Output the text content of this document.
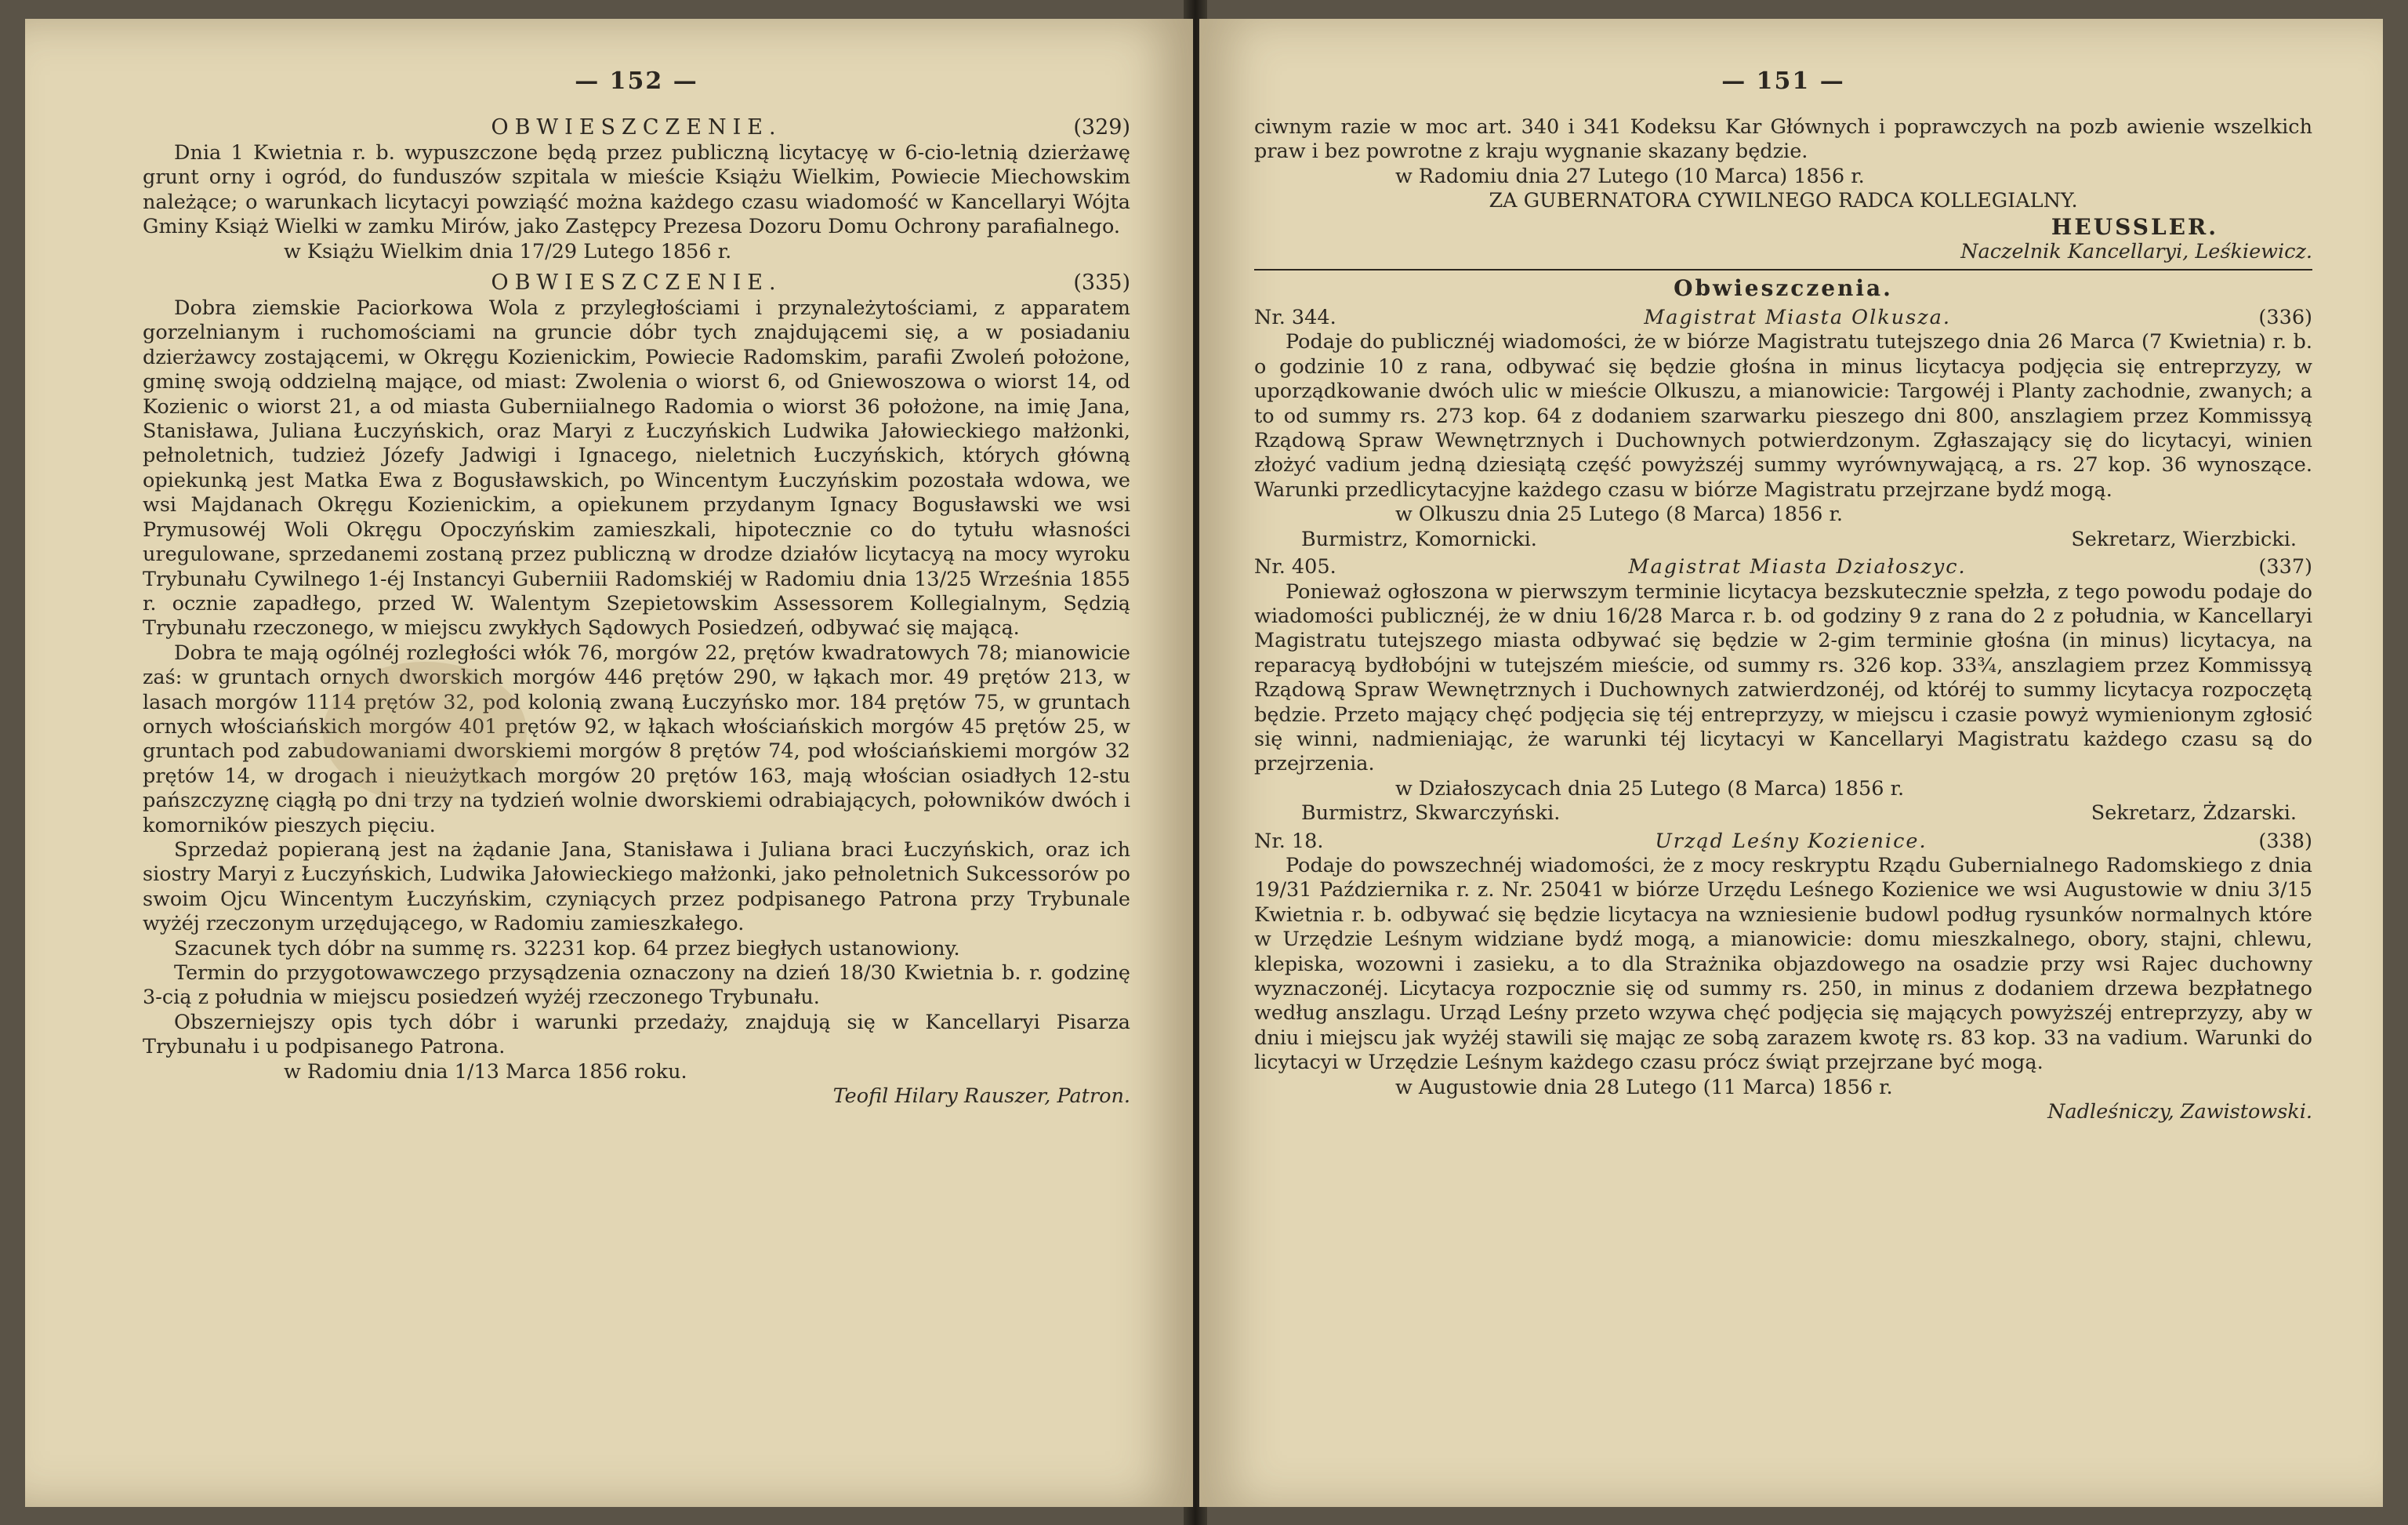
— 152 —
OBWIESZCZENIE.	(329)

Dnia 1 Kwietnia r. b. wypuszczone będą przez publiczną licytacyę w 6-cio-letnią dzierżawę grunt orny i ogród, do funduszów szpitala w mieście Książu Wielkim, Powiecie Miechowskim należące; o warunkach licytacyi powziąść można każdego czasu wiadomość w Kancellaryi Wójta Gminy Książ Wielki w zamku Mirów, jako Zastępcy Prezesa Dozoru Domu Ochrony parafialnego.

w Książu Wielkim dnia 17/29 Lutego 1856 r.
OBWIESZCZENIE.	(335)

Dobra ziemskie Paciorkowa Wola z przyległościami i przynależytościami, z apparatem gorzelnianym i ruchomościami na gruncie dóbr tych znajdującemi się, a w posiadaniu dzierżawcy zostającemi, w Okręgu Kozienickim, Powiecie Radomskim, parafii Zwoleń położone, gminę swoją oddzielną mające, od miast: Zwolenia o wiorst 6, od Gniewoszowa o wiorst 14, od Kozienic o wiorst 21, a od miasta Guberniialnego Radomia o wiorst 36 położone, na imię Jana, Stanisława, Juliana Łuczyńskich, oraz Maryi z Łuczyńskich Ludwika Jałowieckiego małżonki, pełnoletnich, tudzież Józefy Jadwigi i Ignacego, nieletnich Łuczyńskich, których główną opiekunką jest Matka Ewa z Bogusławskich, po Wincentym Łuczyńskim pozostała wdowa, we wsi Majdanach Okręgu Kozienickim, a opiekunem przydanym Ignacy Bogusławski we wsi Prymusowéj Woli Okręgu Opoczyńskim zamieszkali, hipotecznie co do tytułu własności uregulowane, sprzedanemi zostaną przez publiczną w drodze działów licytacyą na mocy wyroku Trybunału Cywilnego 1-éj Instancyi Guberniii Radomskiéj w Radomiu dnia 13/25 Września 1855 r. ocznie zapadłego, przed W. Walentym Szepietowskim Assessorem Kollegialnym, Sędzią Trybunału rzeczonego, w miejscu zwykłych Sądowych Posiedzeń, odbywać się mającą.

Dobra te mają ogólnéj rozległości włók 76, morgów 22, prętów kwadratowych 78; mianowicie zaś: w gruntach ornych dworskich morgów 446 prętów 290, w łąkach mor. 49 prętów 213, w lasach morgów 1114 prętów 32, pod kolonią zwaną Łuczyńsko mor. 184 prętów 75, w gruntach ornych włościańskich morgów 401 prętów 92, w łąkach włościańskich morgów 45 prętów 25, w gruntach pod zabudowaniami dworskiemi morgów 8 prętów 74, pod włościańskiemi morgów 32 prętów 14, w drogach i nieużytkach morgów 20 prętów 163, mają włościan osiadłych 12-stu pańszczyznę ciągłą po dni trzy na tydzień wolnie dworskiemi odrabiających, połowników dwóch i komorników pieszych pięciu.

Sprzedaż popieraną jest na żądanie Jana, Stanisława i Juliana braci Łuczyńskich, oraz ich siostry Maryi z Łuczyńskich, Ludwika Jałowieckiego małżonki, jako pełnoletnich Sukcessorów po swoim Ojcu Wincentym Łuczyńskim, czyniących przez podpisanego Patrona przy Trybunale wyżéj rzeczonym urzędującego, w Radomiu zamieszkałego.

Szacunek tych dóbr na summę rs. 32231 kop. 64 przez biegłych ustanowiony.

Termin do przygotowawczego przysądzenia oznaczony na dzień 18/30 Kwietnia b. r. godzinę 3-cią z południa w miejscu posiedzeń wyżéj rzeczonego Trybunału.

Obszerniejszy opis tych dóbr i warunki przedaży, znajdują się w Kancellaryi Pisarza Trybunału i u podpisanego Patrona.

w Radomiu dnia 1/13 Marca 1856 roku.
Teofil Hilary Rauszer, Patron.
— 151 —

ciwnym razie w moc art. 340 i 341 Kodeksu Kar Głównych i poprawczych na pozb awienie wszelkich praw i bez powrotne z kraju wygnanie skazany będzie.

w Radomiu dnia 27 Lutego (10 Marca) 1856 r.
ZA GUBERNATORA CYWILNEGO RADCA KOLLEGIALNY.
HEUSSLER.
Naczelnik Kancellaryi, Leśkiewicz.
Obwieszczenia.
Nr. 344.	Magistrat Miasta Olkusza.	(336)

Podaje do publicznéj wiadomości, że w biórze Magistratu tutejszego dnia 26 Marca (7 Kwietnia) r. b. o godzinie 10 z rana, odbywać się będzie głośna in minus licytacya podjęcia się entreprzyzy, w uporządkowanie dwóch ulic w mieście Olkuszu, a mianowicie: Targowéj i Planty zachodnie, zwanych; a to od summy rs. 273 kop. 64 z dodaniem szarwarku pieszego dni 800, anszlagiem przez Kommissyą Rządową Spraw Wewnętrznych i Duchownych potwierdzonym. Zgłaszający się do licytacyi, winien złożyć vadium jedną dziesiątą część powyższéj summy wyrównywającą, a rs. 27 kop. 36 wynoszące. Warunki przedlicytacyjne każdego czasu w biórze Magistratu przejrzane bydź mogą.

w Olkuszu dnia 25 Lutego (8 Marca) 1856 r.
Burmistrz, Komornicki.	Sekretarz, Wierzbicki.
Nr. 405.	Magistrat Miasta Działoszyc.	(337)

Ponieważ ogłoszona w pierwszym terminie licytacya bezskutecznie spełzła, z tego powodu podaje do wiadomości publicznéj, że w dniu 16/28 Marca r. b. od godziny 9 z rana do 2 z południa, w Kancellaryi Magistratu tutejszego miasta odbywać się będzie w 2-gim terminie głośna (in minus) licytacya, na reparacyą bydłobójni w tutejszém mieście, od summy rs. 326 kop. 33¾, anszlagiem przez Kommissyą Rządową Spraw Wewnętrznych i Duchownych zatwierdzonéj, od któréj to summy licytacya rozpoczętą będzie. Przeto mający chęć podjęcia się téj entreprzyzy, w miejscu i czasie powyż wymienionym zgłosić się winni, nadmieniając, że warunki téj licytacyi w Kancellaryi Magistratu każdego czasu są do przejrzenia.

w Działoszycach dnia 25 Lutego (8 Marca) 1856 r.
Burmistrz, Skwarczyński.	Sekretarz, Żdzarski.
Nr. 18.	Urząd Leśny Kozienice.	(338)

Podaje do powszechnéj wiadomości, że z mocy reskryptu Rządu Gubernialnego Radomskiego z dnia 19/31 Października r. z. Nr. 25041 w biórze Urzędu Leśnego Kozienice we wsi Augustowie w dniu 3/15 Kwietnia r. b. odbywać się będzie licytacya na wzniesienie budowl podług rysunków normalnych które w Urzędzie Leśnym widziane bydź mogą, a mianowicie: domu mieszkalnego, obory, stajni, chlewu, klepiska, wozowni i zasieku, a to dla Strażnika objazdowego na osadzie przy wsi Rajec duchowny wyznaczonéj. Licytacya rozpocznie się od summy rs. 250, in minus z dodaniem drzewa bezpłatnego według anszlagu. Urząd Leśny przeto wzywa chęć podjęcia się mających powyższéj entreprzyzy, aby w dniu i miejscu jak wyżéj stawili się mając ze sobą zarazem kwotę rs. 83 kop. 33 na vadium. Warunki do licytacyi w Urzędzie Leśnym każdego czasu prócz świąt przejrzane być mogą.

w Augustowie dnia 28 Lutego (11 Marca) 1856 r.
Nadleśniczy, Zawistowski.
